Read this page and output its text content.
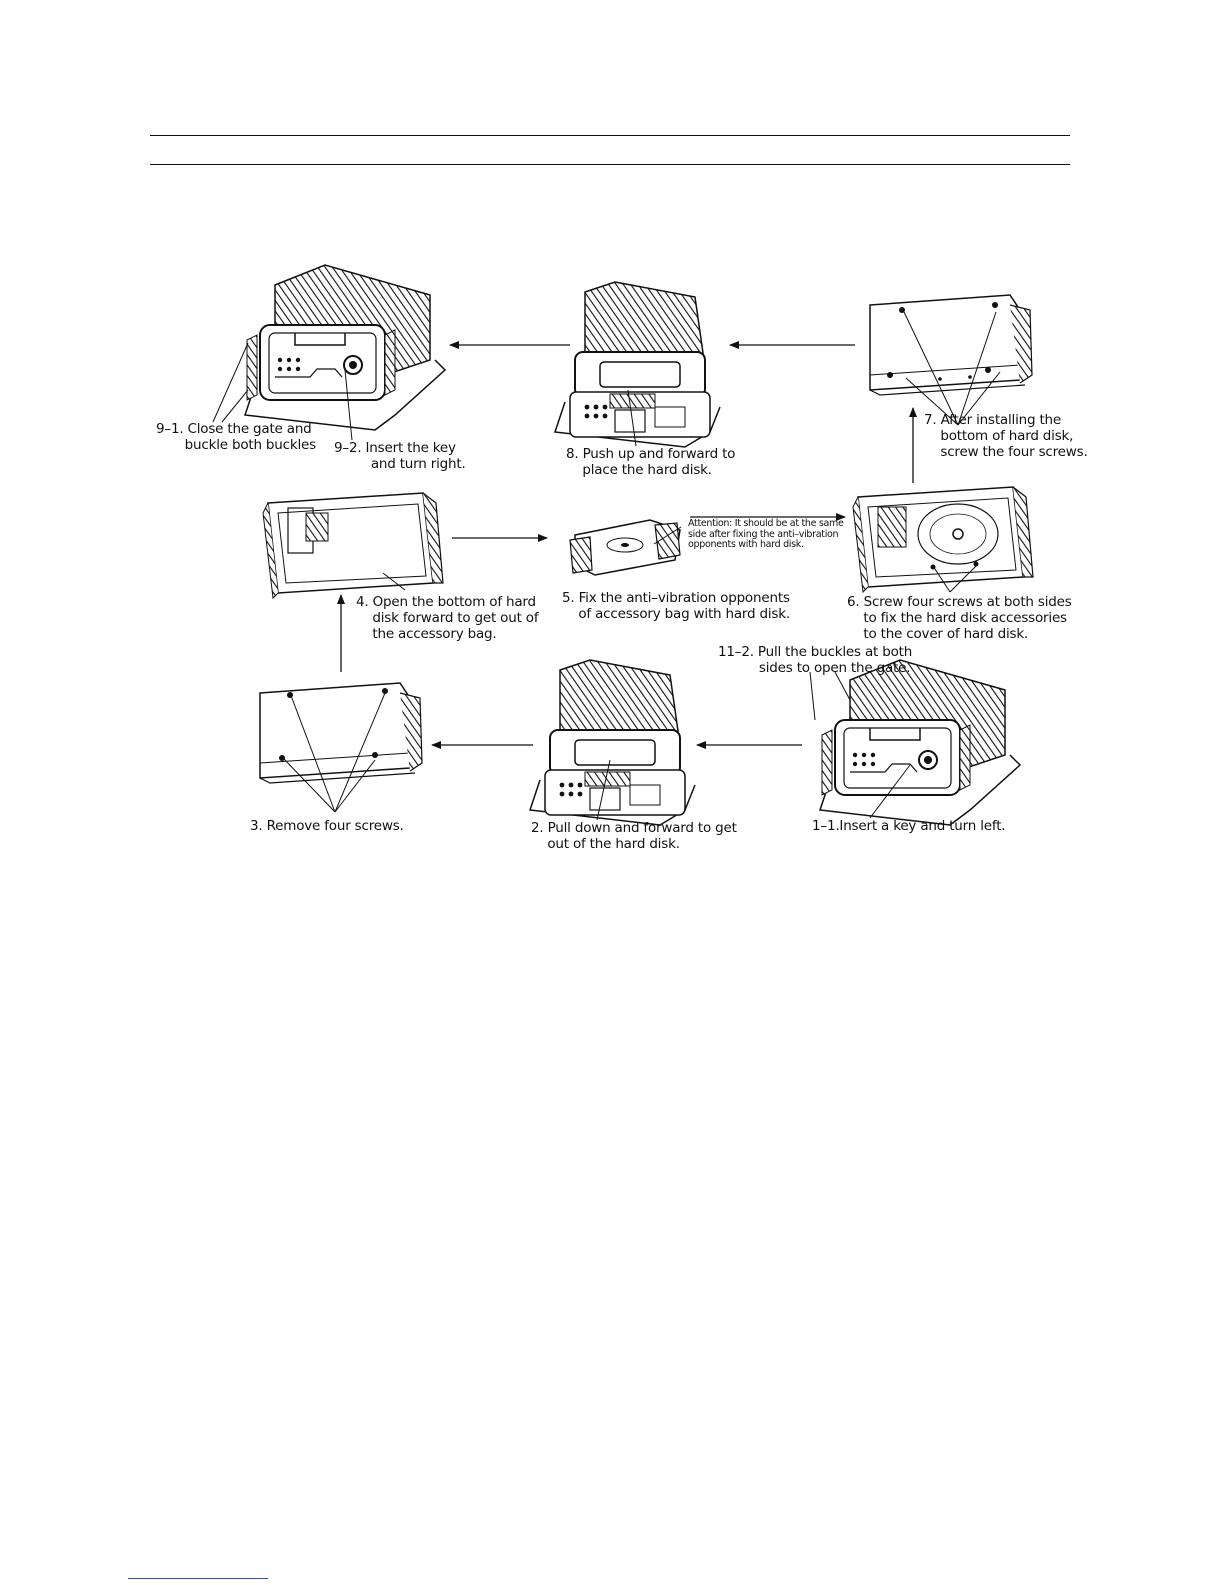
9–1. Close the gate and
buckle both buckles 9–2. Insert the key
and turn right.
8. Push up and forward to
place the hard disk.
7. After installing the
bottom of hard disk,
screw the four screws.
4. Open the bottom of hard
disk forward to get out of
the accessory bag.
Attention: It should be at the same
side after fixing the anti–vibration
opponents with hard disk.
5. Fix the anti–vibration opponents
of accessory bag with hard disk.
6. Screw four screws at both sides
to fix the hard disk accessories
to the cover of hard disk.
11–2. Pull the buckles at both
sides to open the gate.
3. Remove four screws.	2. Pull down and forward to get
out of the hard disk.
1–1.Insert a key and turn left.
